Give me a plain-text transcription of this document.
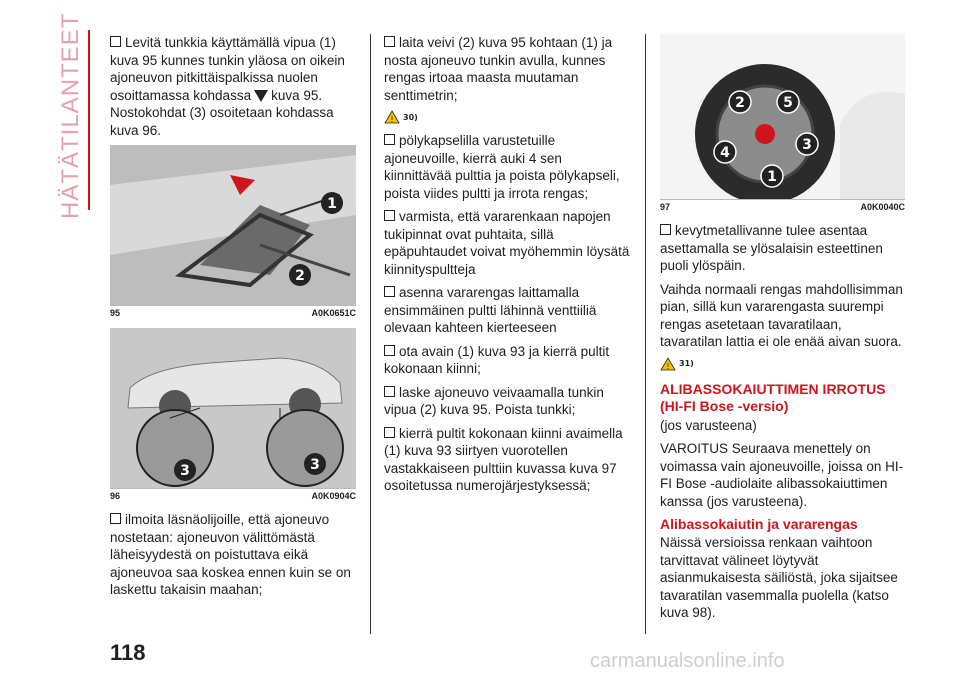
HÄTÄTILANTEET	Levitä tunkkia käyttämällä vipua (1) kuva 95 kunnes tunkin yläosa on oikein ajoneuvon pitkittäispalkissa nuolen osoittamassa kohdassa kuva 95.
Nostokohdat (3) osoitetaan kohdassa kuva 96.

1
2
95	A0K0651C
3	3
96	A0K0904C

ilmoita läsnäolijoille, että ajoneuvo nostetaan: ajoneuvon välittömästä läheisyydestä on poistuttava eikä ajoneuvoa saa koskea ennen kuin se on laskettu takaisin maahan;

laita veivi (2) kuva 95 kohtaan (1) ja nosta ajoneuvo tunkin avulla, kunnes rengas irtoaa maasta muutaman senttimetrin;

! 30)

pölykapselilla varustetuille ajoneuvoille, kierrä auki 4 sen kiinnittävää pulttia ja poista pölykapseli, poista viides pultti ja irrota rengas;

varmista, että vararenkaan napojen tukipinnat ovat puhtaita, sillä epäpuhtaudet voivat myöhemmin löysätä kiinnityspultteja

asenna vararengas laittamalla ensimmäinen pultti lähinnä venttiiliä olevaan kahteen kierteeseen

ota avain (1) kuva 93 ja kierrä pultit kokonaan kiinni;

laske ajoneuvo veivaamalla tunkin vipua (2) kuva 95. Poista tunkki;

kierrä pultit kokonaan kiinni avaimella (1) kuva 93 siirtyen vuorotellen vastakkaiseen pulttiin kuvassa kuva 97 osoitetussa numerojärjestyksessä;

2	5
4	3
1
97	A0K0040C

kevytmetallivanne tulee asentaa asettamalla se ylösalaisin esteettinen puoli ylöspäin.

Vaihda normaali rengas mahdollisimman pian, sillä kun vararengasta suurempi rengas asetetaan tavaratilaan, tavaratilan lattia ei ole enää aivan suora.

! 31)
ALIBASSOKAIUTTIMEN IRROTUS (HI-FI Bose -versio)

(jos varusteena)

VAROITUS Seuraava menettely on voimassa vain ajoneuvoille, joissa on HI-FI Bose -audiolaite alibassokaiuttimen kanssa (jos varusteena).

Alibassokaiutin ja vararengas

Näissä versioissa renkaan vaihtoon tarvittavat välineet löytyvät asianmukaisesta säiliöstä, joka sijaitsee tavaratilan vasemmalla puolella (katso kuva 98).

118	carmanualsonline.info
